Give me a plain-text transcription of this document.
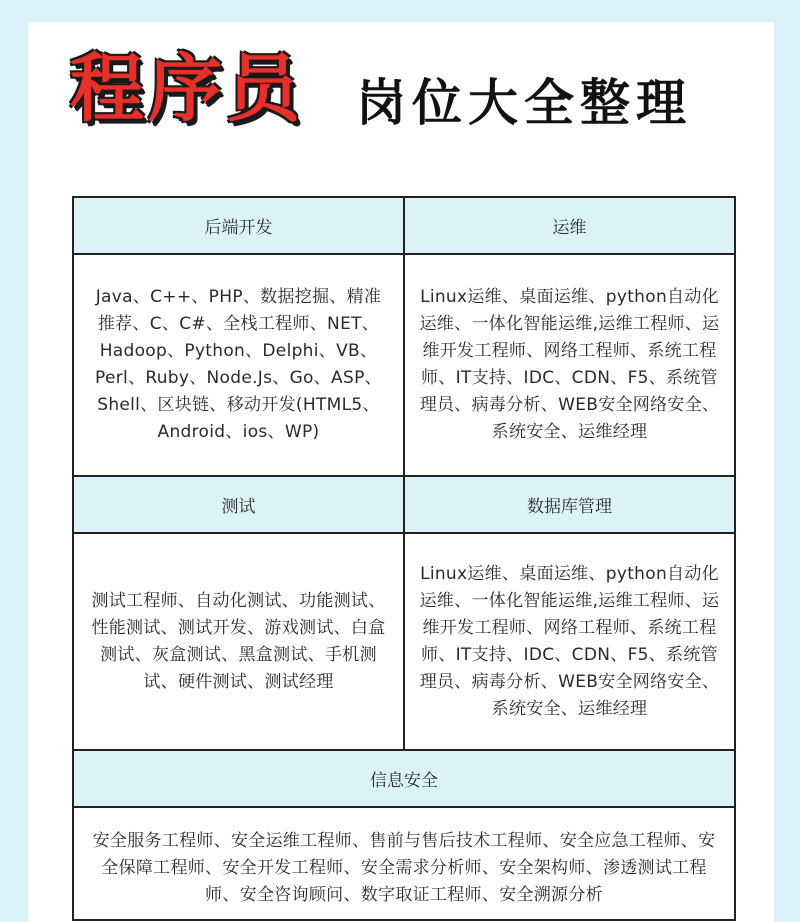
程序员 岗位大全整理
后端开发	运维
Java、C++、PHP、数据挖掘、精准推荐、C、C#、全栈工程师、NET、Hadoop、Python、Delphi、VB、Perl、Ruby、Node.Js、Go、ASP、Shell、区块链、移动开发(HTML5、Android、ios、WP)	Linux运维、桌面运维、python自动化运维、一体化智能运维,运维工程师、运维开发工程师、网络工程师、系统工程师、IT支持、IDC、CDN、F5、系统管理员、病毒分析、WEB安全网络安全、系统安全、运维经理
测试	数据库管理
测试工程师、自动化测试、功能测试、性能测试、测试开发、游戏测试、白盒测试、灰盒测试、黑盒测试、手机测试、硬件测试、测试经理	Linux运维、桌面运维、python自动化运维、一体化智能运维,运维工程师、运维开发工程师、网络工程师、系统工程师、IT支持、IDC、CDN、F5、系统管理员、病毒分析、WEB安全网络安全、系统安全、运维经理
信息安全	
安全服务工程师、安全运维工程师、售前与售后技术工程师、安全应急工程师、安全保障工程师、安全开发工程师、安全需求分析师、安全架构师、渗透测试工程师、安全咨询顾问、数字取证工程师、安全溯源分析	
